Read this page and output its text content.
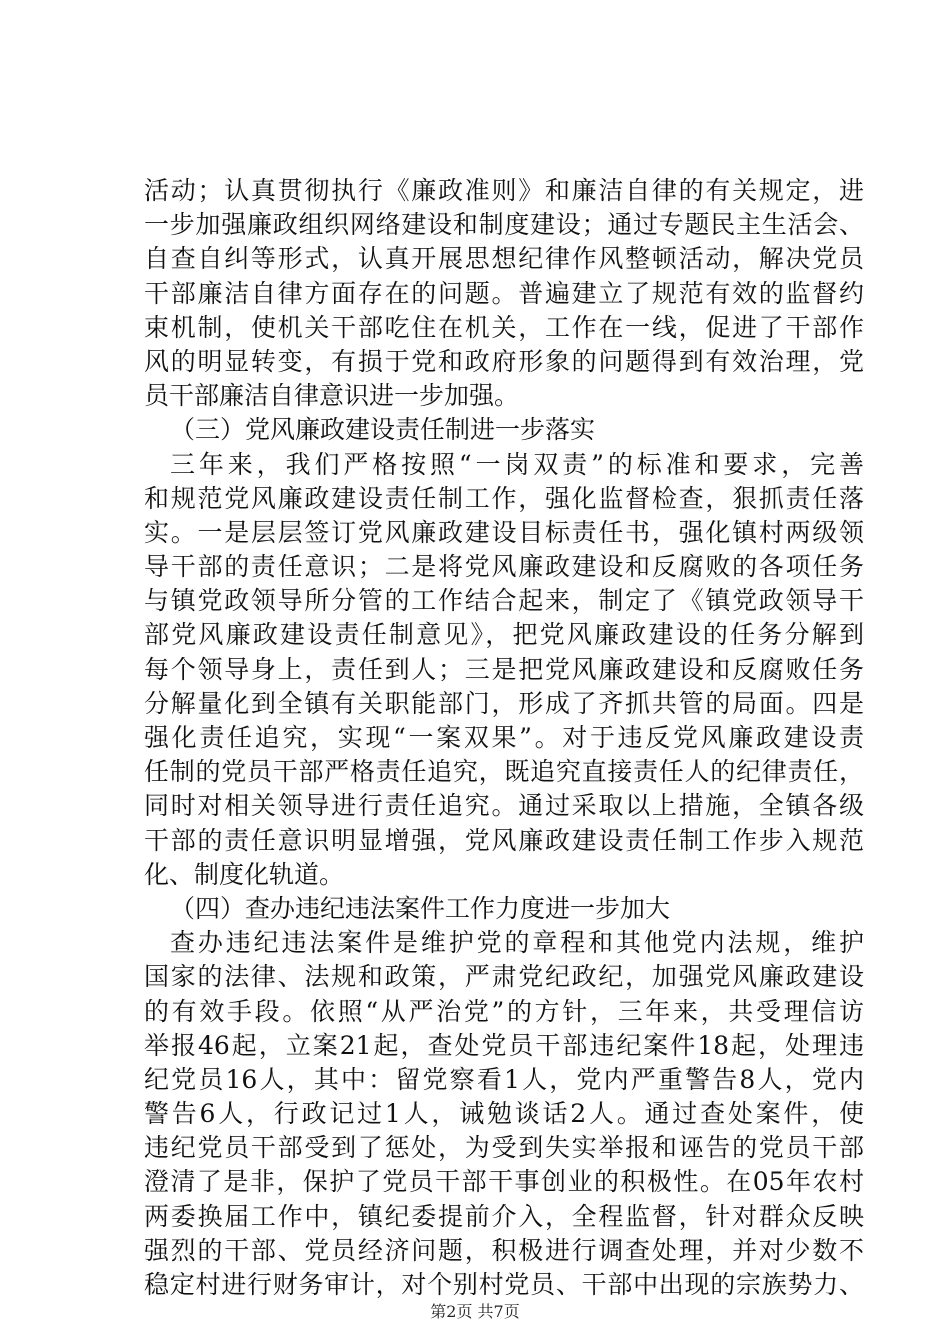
活动；认真贯彻执行《廉政准则》和廉洁自律的有关规定，进
一步加强廉政组织网络建设和制度建设；通过专题民主生活会、
自查自纠等形式，认真开展思想纪律作风整顿活动，解决党员
干部廉洁自律方面存在的问题。普遍建立了规范有效的监督约
束机制，使机关干部吃住在机关，工作在一线，促进了干部作
风的明显转变，有损于党和政府形象的问题得到有效治理，党
员干部廉洁自律意识进一步加强。
（三）党风廉政建设责任制进一步落实
三年来，我们严格按照“一岗双责”的标准和要求，完善
和规范党风廉政建设责任制工作，强化监督检查，狠抓责任落
实。一是层层签订党风廉政建设目标责任书，强化镇村两级领
导干部的责任意识；二是将党风廉政建设和反腐败的各项任务
与镇党政领导所分管的工作结合起来，制定了《镇党政领导干
部党风廉政建设责任制意见》，把党风廉政建设的任务分解到
每个领导身上，责任到人；三是把党风廉政建设和反腐败任务
分解量化到全镇有关职能部门，形成了齐抓共管的局面。四是
强化责任追究，实现“一案双果”。对于违反党风廉政建设责
任制的党员干部严格责任追究，既追究直接责任人的纪律责任，
同时对相关领导进行责任追究。通过采取以上措施，全镇各级
干部的责任意识明显增强，党风廉政建设责任制工作步入规范
化、制度化轨道。
（四）查办违纪违法案件工作力度进一步加大
查办违纪违法案件是维护党的章程和其他党内法规，维护
国家的法律、法规和政策，严肃党纪政纪，加强党风廉政建设
的有效手段。依照“从严治党”的方针，三年来，共受理信访
举报46起，立案21起，查处党员干部违纪案件18起，处理违
纪党员16人，其中：留党察看1人，党内严重警告8人，党内
警告6人，行政记过1人，诫勉谈话2人。通过查处案件，使
违纪党员干部受到了惩处，为受到失实举报和诬告的党员干部
澄清了是非，保护了党员干部干事创业的积极性。在05年农村
两委换届工作中，镇纪委提前介入，全程监督，针对群众反映
强烈的干部、党员经济问题，积极进行调查处理，并对少数不
稳定村进行财务审计，对个别村党员、干部中出现的宗族势力、
第2页 共7页
